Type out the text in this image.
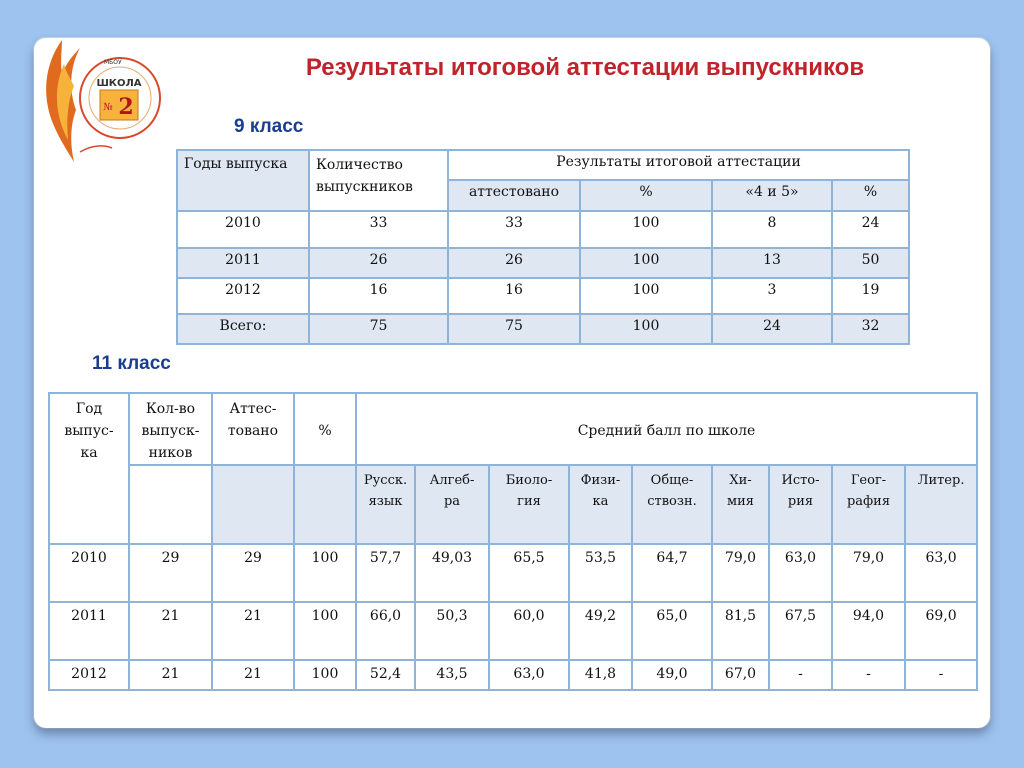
МБОУ
ШКОЛА
№ 2
Результаты итоговой аттестации выпускников
9 класс
Годы выпуска	Количество выпускников	Результаты итоговой аттестации			
		аттестовано	%	«4 и 5»	%
2010	33	33	100	8	24
2011	26	26	100	13	50
2012	16	16	100	3	19
Всего:	75	75	100	24	32
11 класс
Год выпус-ка	Кол-во выпуск-ников	Аттес-товано	%	Средний балл по школе								
				Русск. язык	Алгеб-ра	Биоло-гия	Физи-ка	Обще-ствозн.	Хи-мия	Исто-рия	Геог-рафия	Литер.
2010	29	29	100	57,7	49,03	65,5	53,5	64,7	79,0	63,0	79,0	63,0
2011	21	21	100	66,0	50,3	60,0	49,2	65,0	81,5	67,5	94,0	69,0
2012	21	21	100	52,4	43,5	63,0	41,8	49,0	67,0	-	-	-
